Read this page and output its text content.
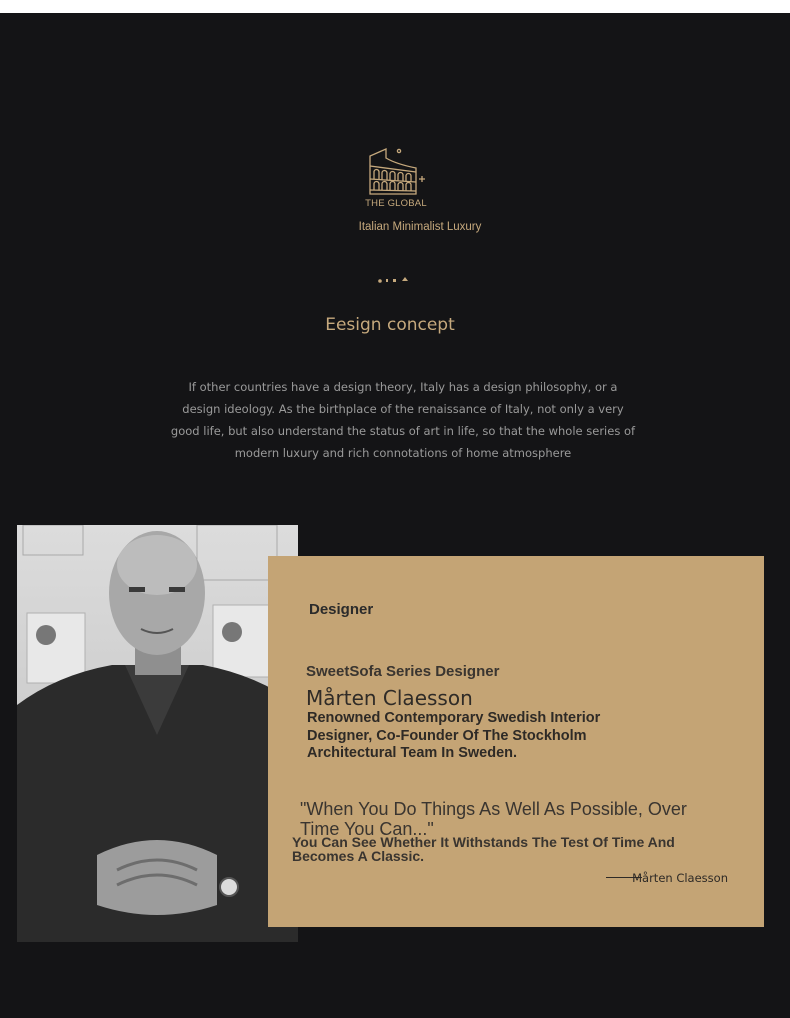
THE GLOBAL
Italian Minimalist Luxury
Eesign concept
If other countries have a design theory, Italy has a design philosophy, or a design ideology. As the birthplace of the renaissance of Italy, not only a very good life, but also understand the status of art in life, so that the whole series of modern luxury and rich connotations of home atmosphere
Designer
SweetSofa Series Designer
Mårten Claesson
Renowned Contemporary Swedish Interior Designer, Co-Founder Of The Stockholm Architectural Team In Sweden.
"When You Do Things As Well As Possible, Over Time You Can..."
You Can See Whether It Withstands The Test Of Time And Becomes A Classic.
Mårten Claesson
